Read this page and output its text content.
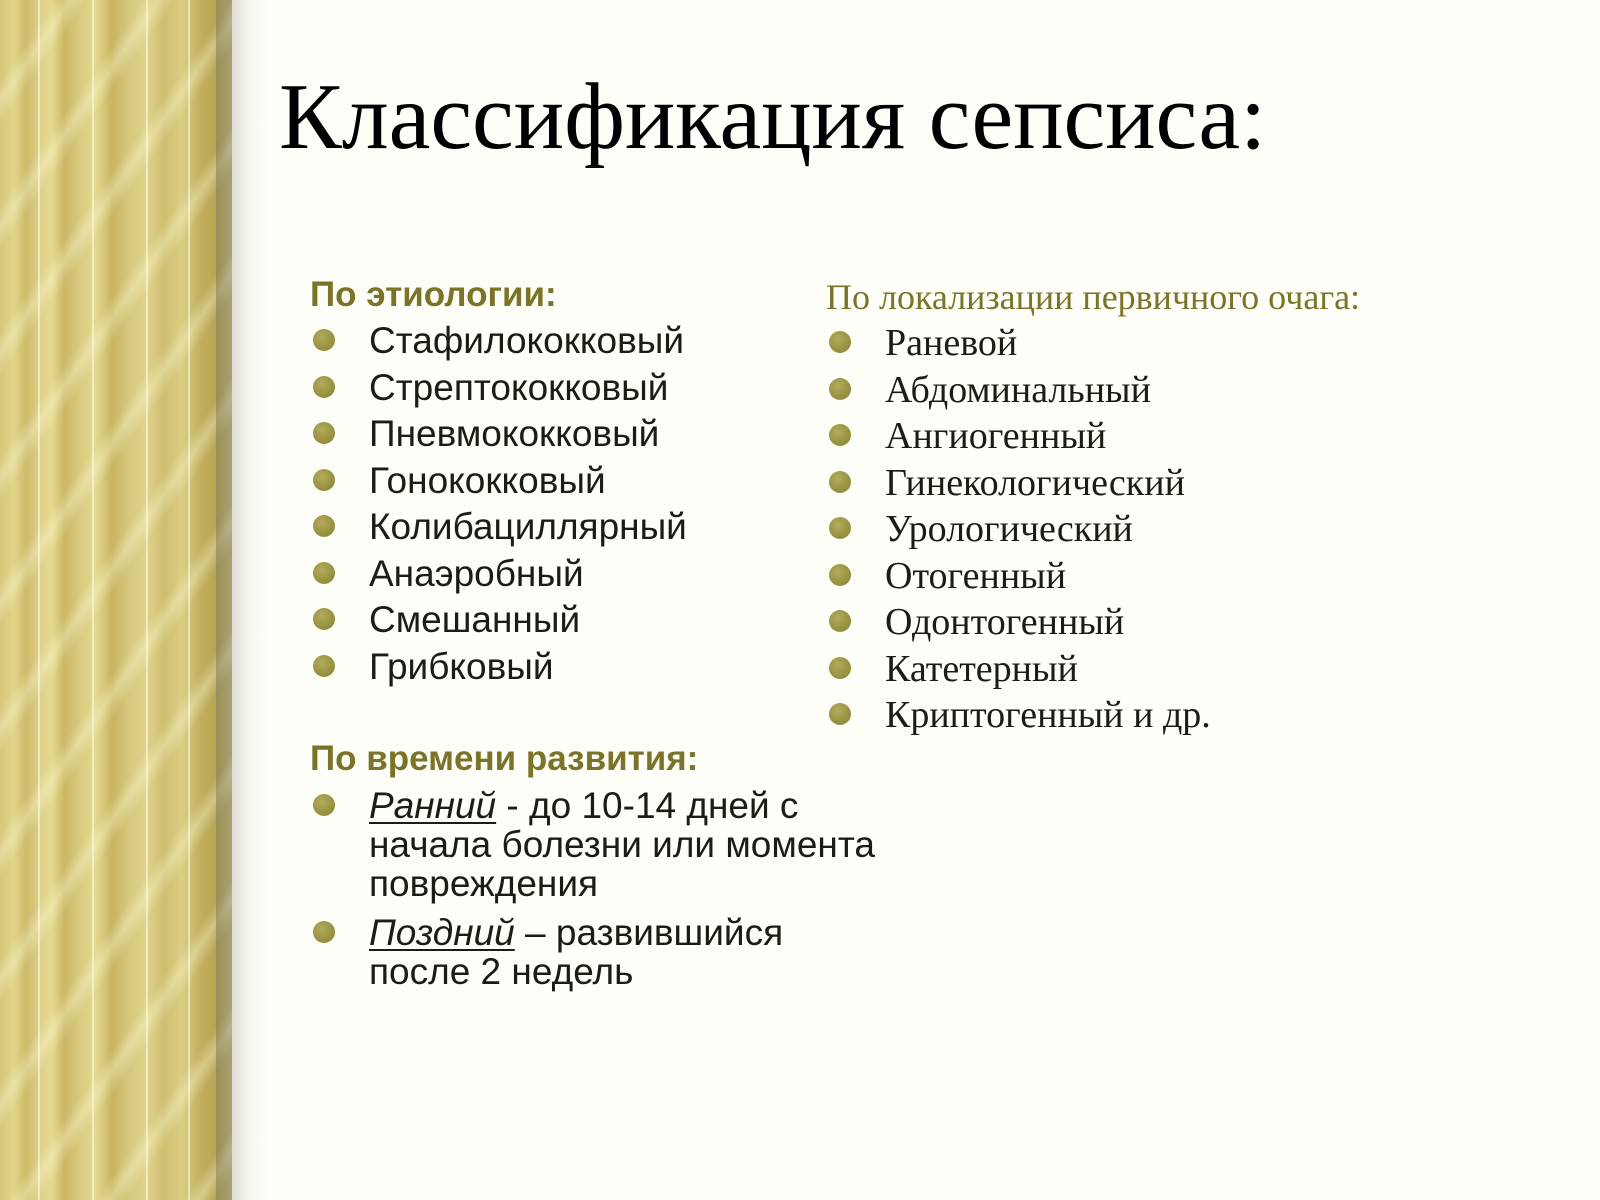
Классификация сепсиса:

По этиологии:

Стафилококковый
Стрептококковый
Пневмококковый
Гонококковый
Колибациллярный
Анаэробный
Смешанный
Грибковый

По локализации первичного очага:

Раневой
Абдоминальный
Ангиогенный
Гинекологический
Урологический
Отогенный
Одонтогенный
Катетерный
Криптогенный и др.

По времени развития:

Ранний - до 10-14 дней с
начала болезни или момента
повреждения
Поздний – развившийся
после 2 недель
